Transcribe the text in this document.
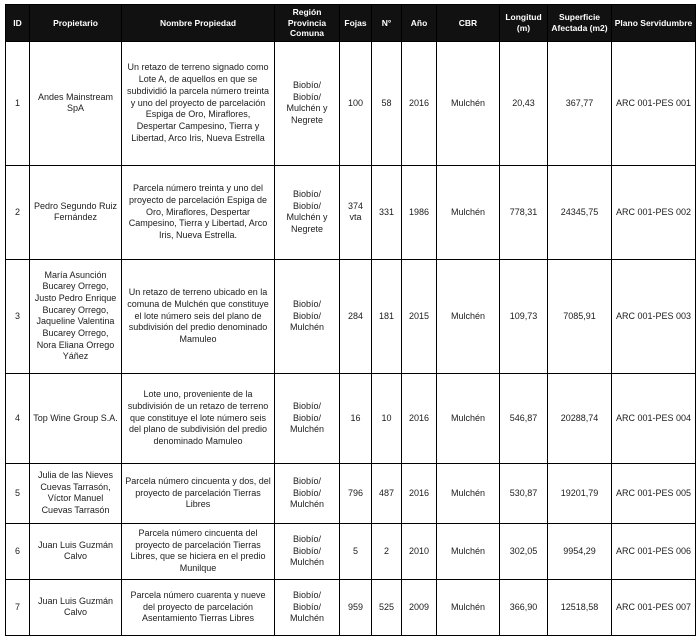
ID	Propietario	Nombre Propiedad	Región Provincia Comuna	Fojas	N°	Año	CBR	Longitud (m)	Superficie Afectada (m2)	Plano Servidumbre
1	Andes Mainstream SpA	Un retazo de terreno signado como Lote A, de aquellos en que se subdividió la parcela número treinta y uno del proyecto de parcelación Espiga de Oro, Miraflores, Despertar Campesino, Tierra y Libertad, Arco Iris, Nueva Estrella	Biobío/ Biobío/ Mulchén y Negrete	100	58	2016	Mulchén	20,43	367,77	ARC 001-PES 001
2	Pedro Segundo Ruiz Fernández	Parcela número treinta y uno del proyecto de parcelación Espiga de Oro, Miraflores, Despertar Campesino, Tierra y Libertad, Arco Iris, Nueva Estrella.	Biobío/ Biobío/ Mulchén y Negrete	374 vta	331	1986	Mulchén	778,31	24345,75	ARC 001-PES 002
3	María Asunción Bucarey Orrego, Justo Pedro Enrique Bucarey Orrego, Jaqueline Valentina Bucarey Orrego, Nora Eliana Orrego Yáñez	Un retazo de terreno ubicado en la comuna de Mulchén que constituye el lote número seis del plano de subdivisión del predio denominado Mamuleo	Biobío/ Biobío/ Mulchén	284	181	2015	Mulchén	109,73	7085,91	ARC 001-PES 003
4	Top Wine Group S.A.	Lote uno, proveniente de la subdivisión de un retazo de terreno que constituye el lote número seis del plano de subdivisión del predio denominado Mamuleo	Biobío/ Biobío/ Mulchén	16	10	2016	Mulchén	546,87	20288,74	ARC 001-PES 004
5	Julia de las Nieves Cuevas Tarrasón, Víctor Manuel Cuevas Tarrasón	Parcela número cincuenta y dos, del proyecto de parcelación Tierras Libres	Biobío/ Biobío/ Mulchén	796	487	2016	Mulchén	530,87	19201,79	ARC 001-PES 005
6	Juan Luis Guzmán Calvo	Parcela número cincuenta del proyecto de parcelación Tierras Libres, que se hiciera en el predio Munilque	Biobío/ Biobío/ Mulchén	5	2	2010	Mulchén	302,05	9954,29	ARC 001-PES 006
7	Juan Luis Guzmán Calvo	Parcela número cuarenta y nueve del proyecto de parcelación Asentamiento Tierras Libres	Biobío/ Biobío/ Mulchén	959	525	2009	Mulchén	366,90	12518,58	ARC 001-PES 007
